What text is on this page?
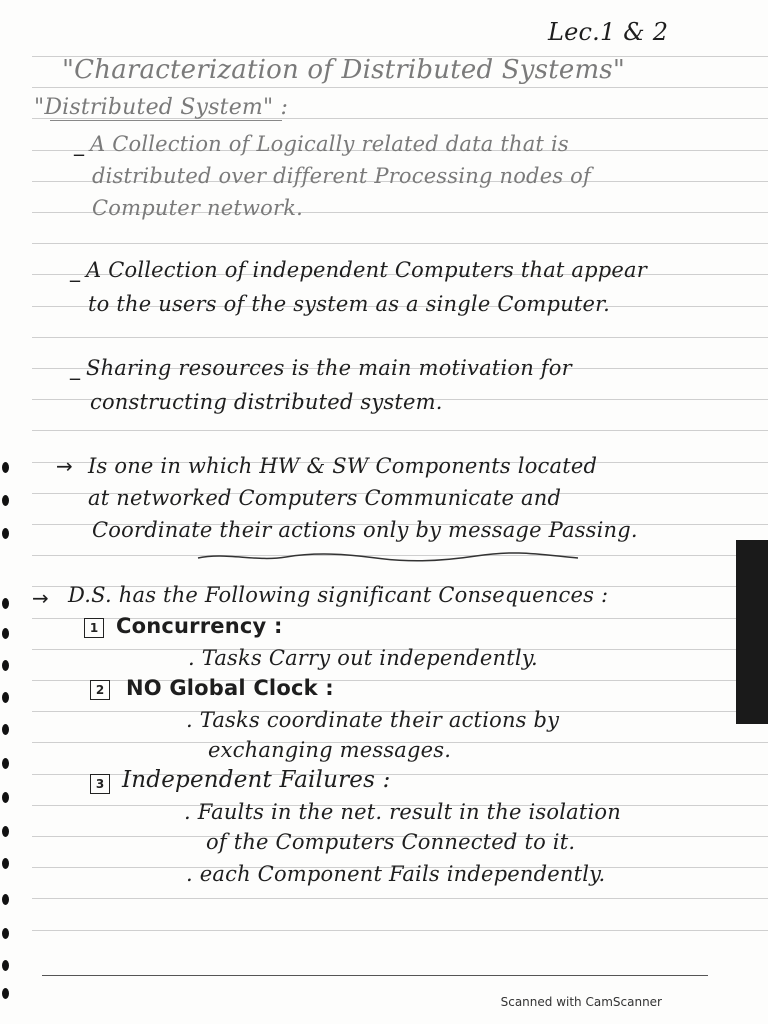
Lec.1 & 2
"Characterization of Distributed Systems"
"Distributed System" :
_ A Collection of Logically related data that is
distributed over different Processing nodes of
Computer network.
_ A Collection of independent Computers that appear
to the users of the system as a single Computer.
_ Sharing resources is the main motivation for
constructing distributed system.
→ Is one in which HW & SW Components located
at networked Computers Communicate and
Coordinate their actions only by message Passing.
→ D.S. has the Following significant Consequences :
1 Concurrency :
. Tasks Carry out independently.
2 NO Global Clock :
. Tasks coordinate their actions by
exchanging messages.
3 Independent Failures :
. Faults in the net. result in the isolation
of the Computers Connected to it.
. each Component Fails independently.
Scanned with CamScanner
